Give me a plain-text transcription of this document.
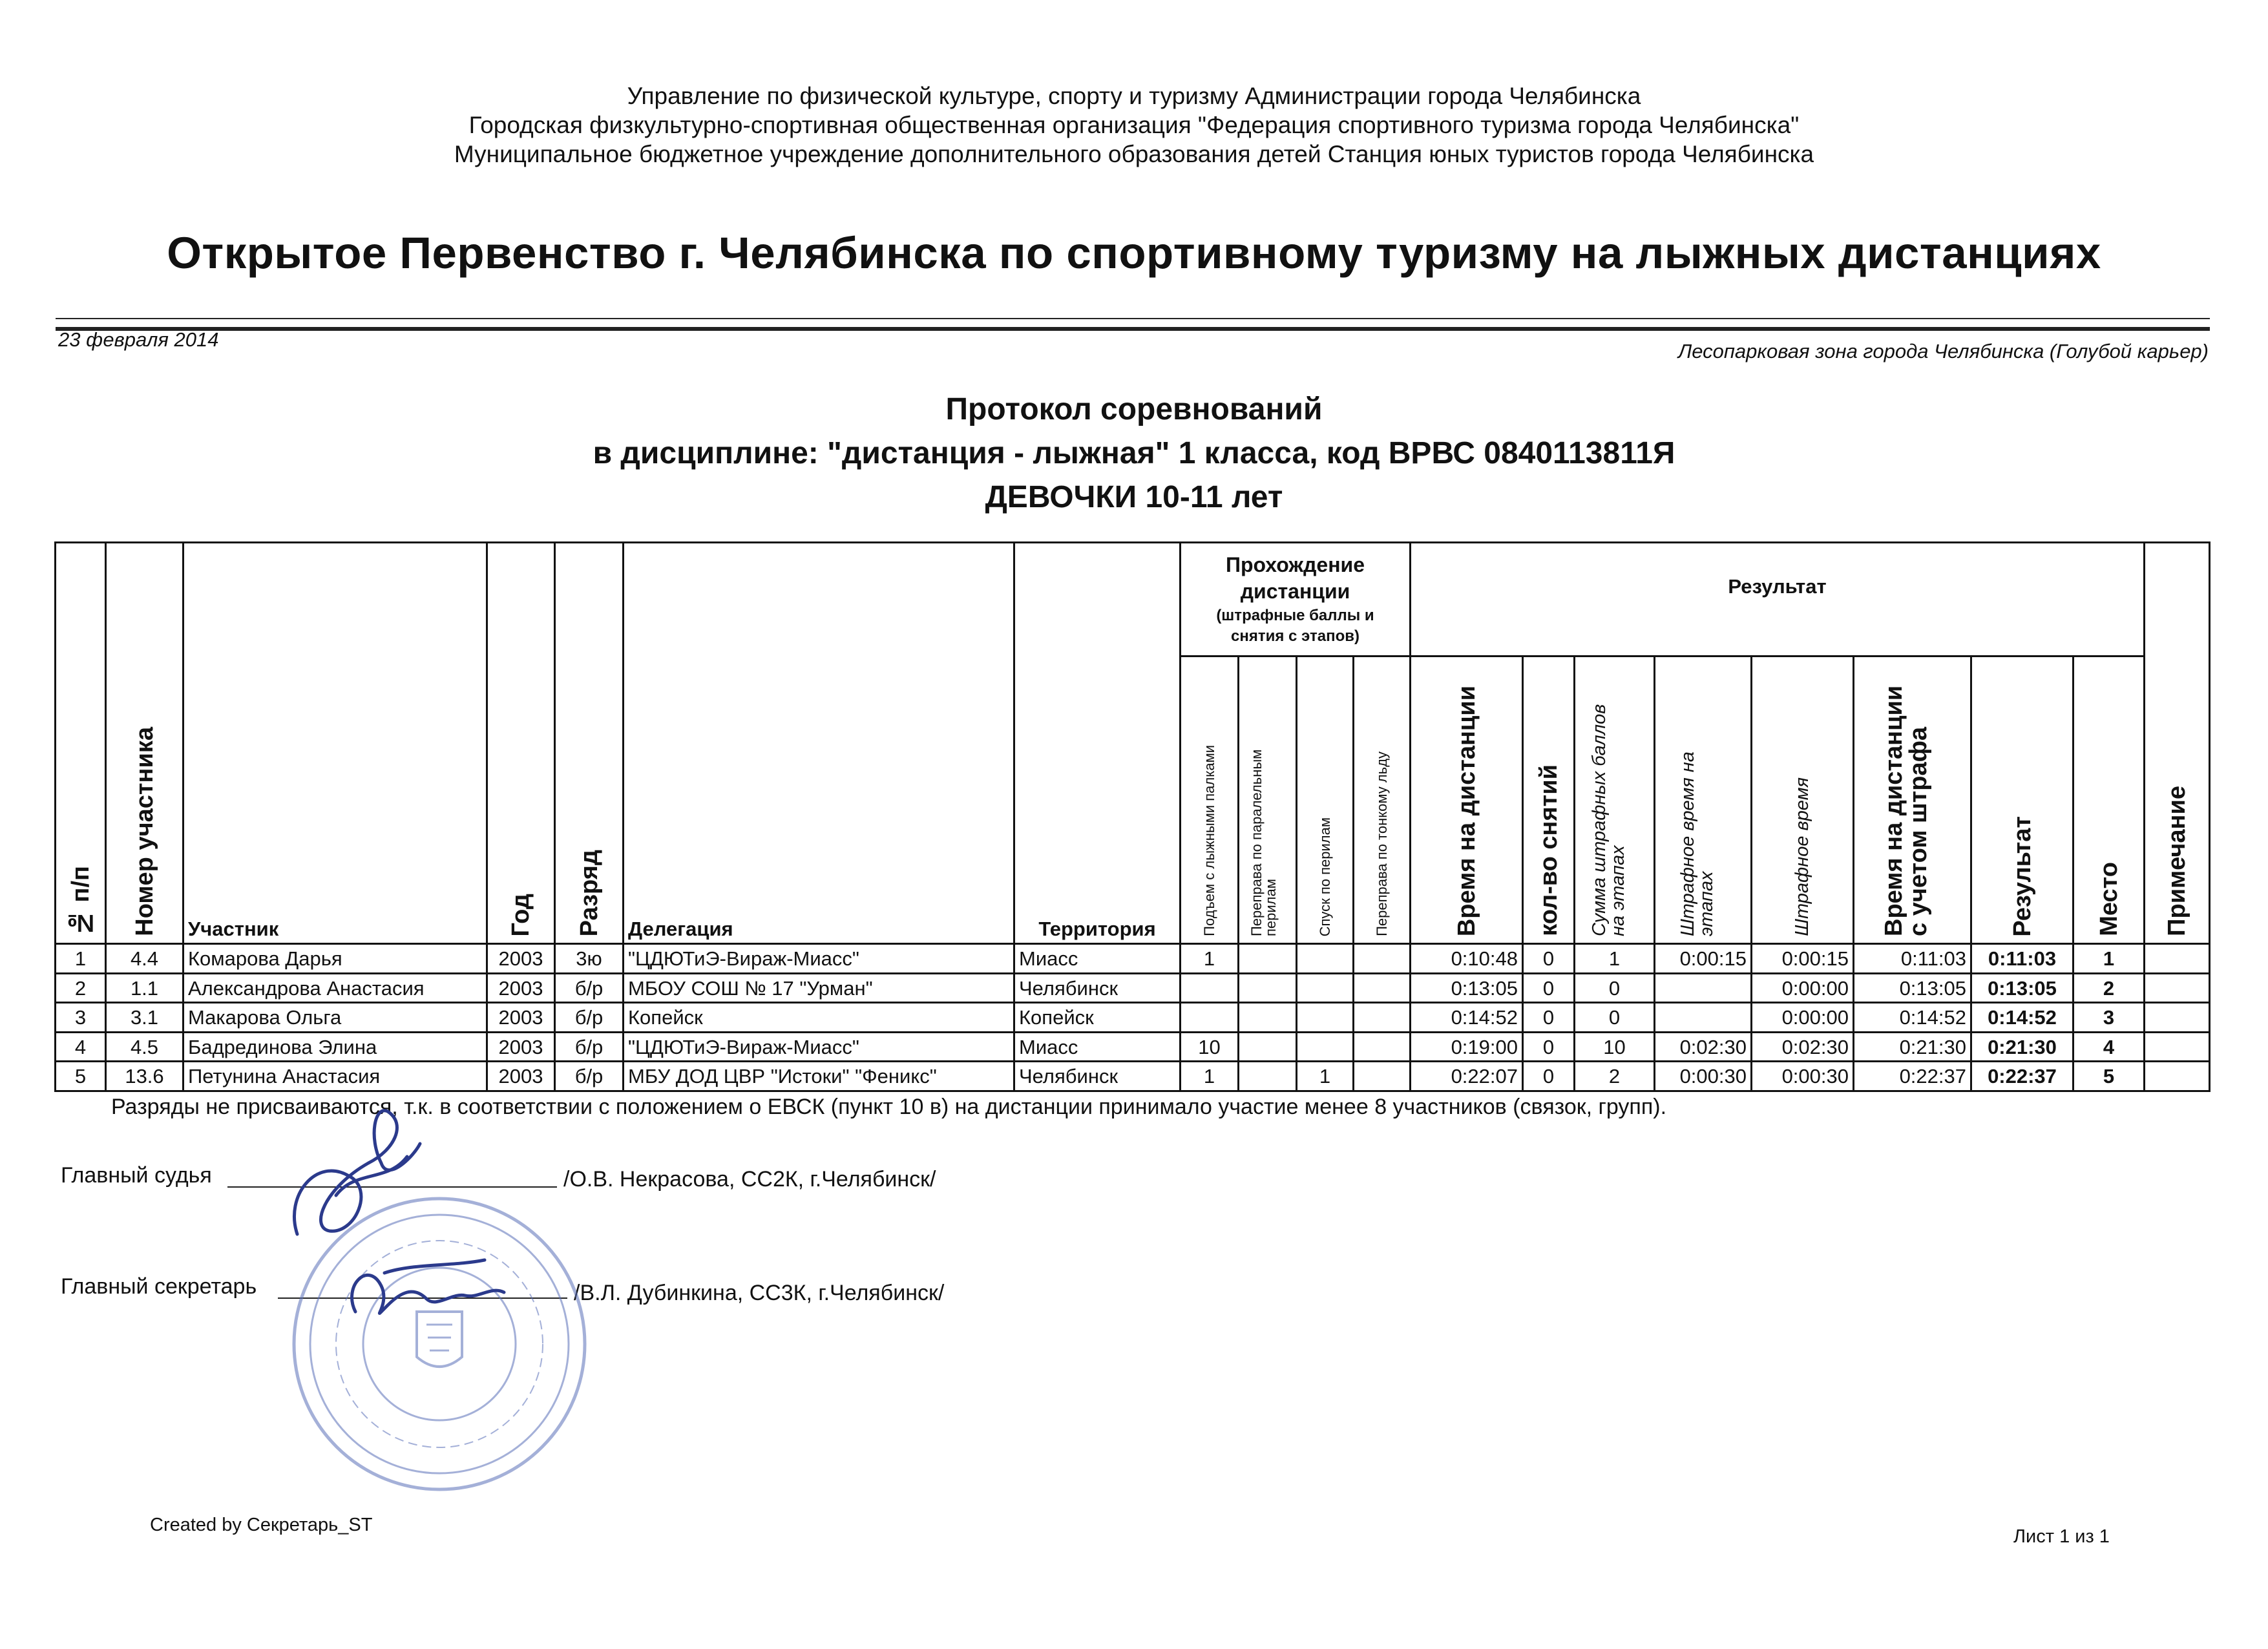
Управление по физической культуре, спорту и туризму Администрации города Челябинска
Городская физкультурно-спортивная общественная организация "Федерация спортивного туризма города Челябинска"
Муниципальное бюджетное учреждение дополнительного образования детей Станция юных туристов города Челябинска
Открытое Первенство г. Челябинска по спортивному туризму на лыжных дистанциях
23 февраля 2014
Лесопарковая зона города Челябинска (Голубой карьер)
Протокол соревнований
в дисциплине: "дистанция - лыжная" 1 класса, код ВРВС 0840113811Я
ДЕВОЧКИ 10-11 лет
№ п/п	Номер участника	Участник	Год	Разряд	Делегация	Территория	Прохождение дистанции
(штрафные баллы и снятия с этапов)				Результат								Примечание

							Подъем с лыжными палками	Переправа по паралельным перилам	Спуск по перилам	Переправа по тонкому льду	Время на дистанции	кол-во снятий	Сумма штрафных баллов на этапах	Штрафное время на этапах	Штрафное время	Время на дистанции с учетом штрафа	Результат	Место	

1	4.4	Комарова Дарья	2003	3ю	"ЦДЮТиЭ-Вираж-Миасс"	Миасс	1				0:10:48	0	1	0:00:15	0:00:15	0:11:03	0:11:03	1	
2	1.1	Александрова Анастасия	2003	б/р	МБОУ СОШ № 17 "Урман"	Челябинск					0:13:05	0	0		0:00:00	0:13:05	0:13:05	2	
3	3.1	Макарова Ольга	2003	б/р	Копейск	Копейск					0:14:52	0	0		0:00:00	0:14:52	0:14:52	3	
4	4.5	Бадрединова Элина	2003	б/р	"ЦДЮТиЭ-Вираж-Миасс"	Миасс	10				0:19:00	0	10	0:02:30	0:02:30	0:21:30	0:21:30	4	
5	13.6	Петунина Анастасия	2003	б/р	МБУ ДОД ЦВР "Истоки" "Феникс"	Челябинск	1		1		0:22:07	0	2	0:00:30	0:00:30	0:22:37	0:22:37	5	
Разряды не присваиваются, т.к. в соответствии с положением о ЕВСК (пункт 10 в) на дистанции принимало участие менее 8 участников (связок, групп).
Главный судья	/О.В. Некрасова, СС2К, г.Челябинск/
Главный секретарь	/В.Л. Дубинкина, СС3К, г.Челябинск/
Created by Секретарь_ST
Лист 1 из 1
